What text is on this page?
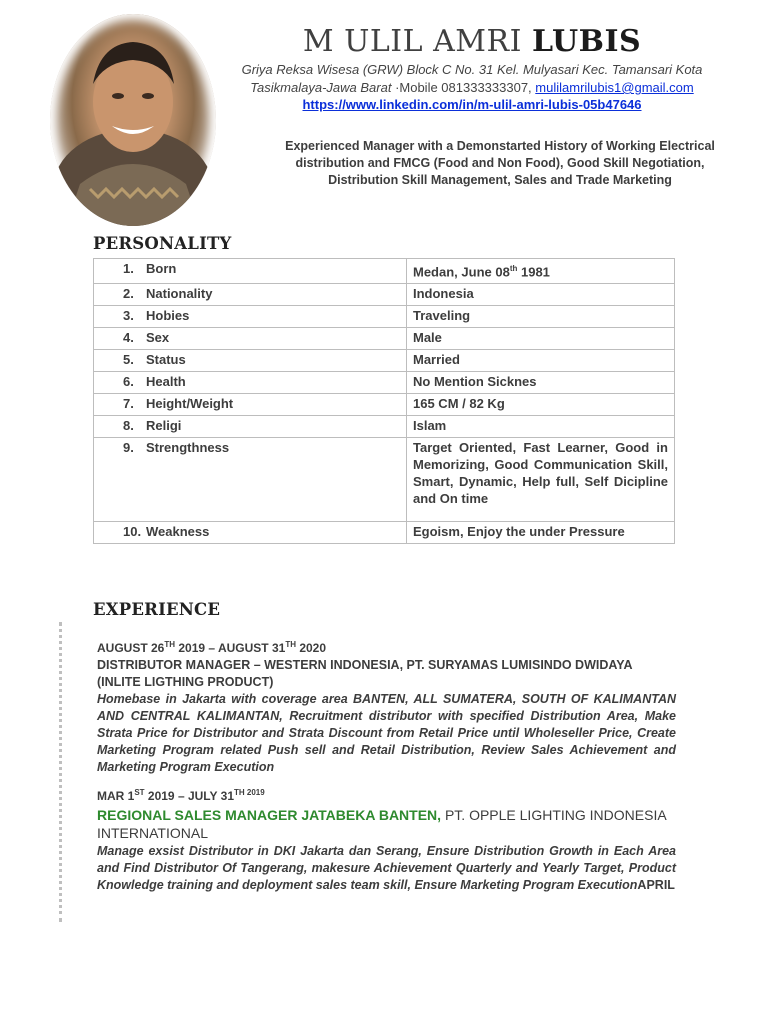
M ULIL AMRI LUBIS
Griya Reksa Wisesa (GRW) Block C No. 31 Kel. Mulyasari Kec. Tamansari Kota
Tasikmalaya-Jawa Barat ·Mobile 081333333307, mulilamrilubis1@gmail.com
https://www.linkedin.com/in/m-ulil-amri-lubis-05b47646
Experienced Manager with a Demonstarted History of Working Electrical distribution and FMCG (Food and Non Food), Good Skill Negotiation, Distribution Skill Management, Sales and Trade Marketing
PERSONALITY
1. Born	Medan, June 08th 1981
2. Nationality	Indonesia
3. Hobies	Traveling
4. Sex	Male
5. Status	Married
6. Health	No Mention Sicknes
7. Height/Weight	165 CM / 82 Kg
8. Religi	Islam
9. Strengthness	Target Oriented, Fast Learner, Good in Memorizing, Good Communication Skill, Smart, Dynamic, Help full, Self Dicipline and On time
10. Weakness	Egoism, Enjoy the under Pressure
EXPERIENCE
AUGUST 26TH 2019 – AUGUST 31TH 2020
DISTRIBUTOR MANAGER – WESTERN INDONESIA, PT. SURYAMAS LUMISINDO DWIDAYA (INLITE LIGTHING PRODUCT)
Homebase in Jakarta with coverage area BANTEN, ALL SUMATERA, SOUTH OF KALIMANTAN AND CENTRAL KALIMANTAN, Recruitment distributor with specified Distribution Area, Make Strata Price for Distributor and Strata Discount from Retail Price until Wholeseller Price, Create Marketing Program related Push sell and Retail Distribution, Review Sales Achievement and Marketing Program Execution
MAR 1ST 2019 – JULY $31^{TH 2019}$
REGIONAL SALES MANAGER JATABEKA BANTEN, PT. OPPLE LIGHTING INDONESIA INTERNATIONAL
Manage exsist Distributor in DKI Jakarta dan Serang, Ensure Distribution Growth in Each Area and Find Distributor Of Tangerang, makesure Achievement Quarterly and Yearly Target, Product Knowledge training and deployment sales team skill, Ensure Marketing Program ExecutionAPRIL
